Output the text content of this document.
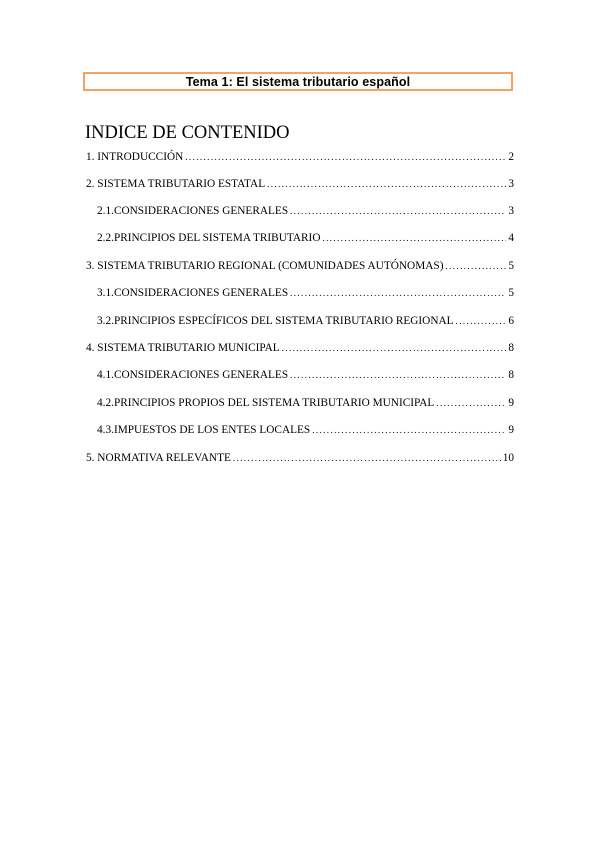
Tema 1: El sistema tributario español
INDICE DE CONTENIDO
1. INTRODUCCIÓN .....	2
2. SISTEMA TRIBUTARIO ESTATAL .....	3
2.1.CONSIDERACIONES GENERALES .....	3
2.2.PRINCIPIOS DEL SISTEMA TRIBUTARIO .....	4
3. SISTEMA TRIBUTARIO REGIONAL (COMUNIDADES AUTÓNOMAS) .....	5
3.1.CONSIDERACIONES GENERALES .....	5
3.2.PRINCIPIOS ESPECÍFICOS DEL SISTEMA TRIBUTARIO REGIONAL .....	6
4. SISTEMA TRIBUTARIO MUNICIPAL .....	8
4.1.CONSIDERACIONES GENERALES .....	8
4.2.PRINCIPIOS PROPIOS DEL SISTEMA TRIBUTARIO MUNICIPAL .....	9
4.3.IMPUESTOS DE LOS ENTES LOCALES .....	9
5. NORMATIVA RELEVANTE .....	10
